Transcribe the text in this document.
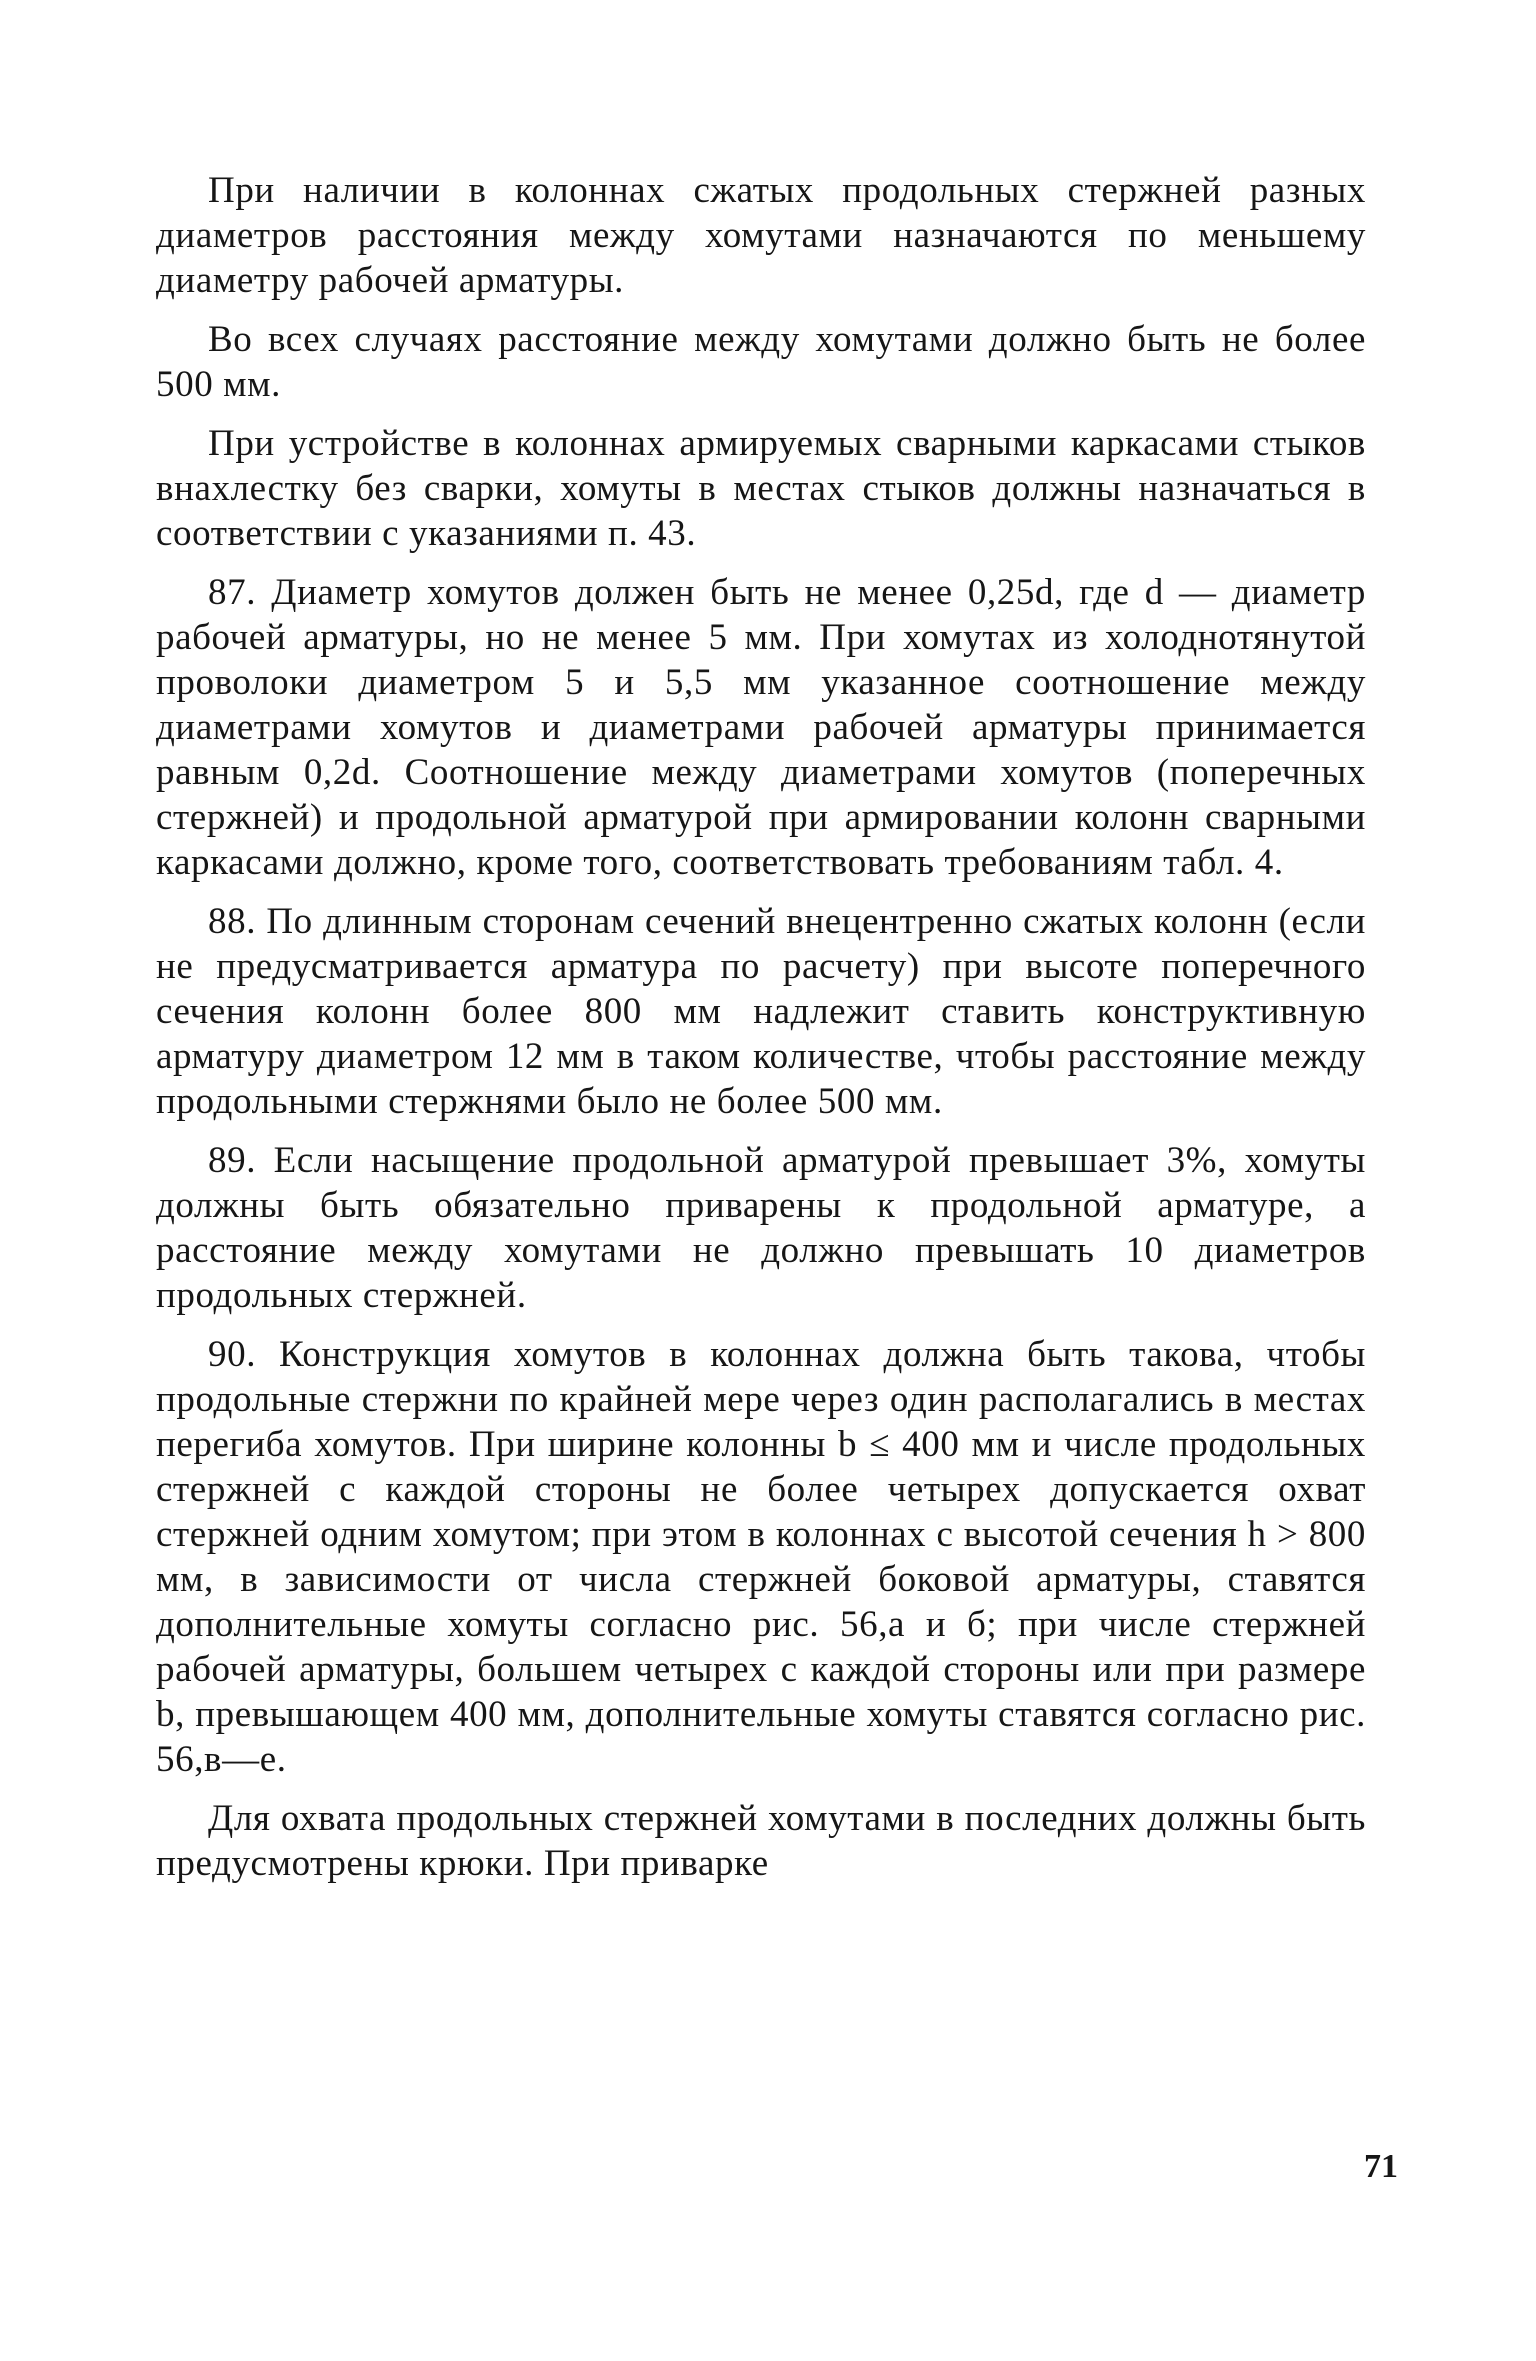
При наличии в колоннах сжатых продольных стержней разных диаметров расстояния между хомутами назначаются по меньшему диаметру рабочей арматуры.

Во всех случаях расстояние между хомутами должно быть не более 500 мм.

При устройстве в колоннах армируемых сварными каркасами стыков внахлестку без сварки, хомуты в местах стыков должны назначаться в соответствии с указаниями п. 43.

87. Диаметр хомутов должен быть не менее 0,25d, где d — диаметр рабочей арматуры, но не менее 5 мм. При хомутах из холоднотянутой проволоки диаметром 5 и 5,5 мм указанное соотношение между диаметрами хомутов и диаметрами рабочей арматуры принимается равным 0,2d. Соотношение между диаметрами хомутов (поперечных стержней) и продольной арматурой при армировании колонн сварными каркасами должно, кроме того, соответствовать требованиям табл. 4.

88. По длинным сторонам сечений внецентренно сжатых колонн (если не предусматривается арматура по расчету) при высоте поперечного сечения колонн более 800 мм надлежит ставить конструктивную арматуру диаметром 12 мм в таком количестве, чтобы расстояние между продольными стержнями было не более 500 мм.

89. Если насыщение продольной арматурой превышает 3%, хомуты должны быть обязательно приварены к продольной арматуре, а расстояние между хомутами не должно превышать 10 диаметров продольных стержней.

90. Конструкция хомутов в колоннах должна быть такова, чтобы продольные стержни по крайней мере через один располагались в местах перегиба хомутов. При ширине колонны b ≤ 400 мм и числе продольных стержней с каждой стороны не более четырех допускается охват стержней одним хомутом; при этом в колоннах с высотой сечения h > 800 мм, в зависимости от числа стержней боковой арматуры, ставятся дополнительные хомуты согласно рис. 56,а и б; при числе стержней рабочей арматуры, большем четырех с каждой стороны или при размере b, превышающем 400 мм, дополнительные хомуты ставятся согласно рис. 56,в—е.

Для охвата продольных стержней хомутами в последних должны быть предусмотрены крюки. При приварке

71
